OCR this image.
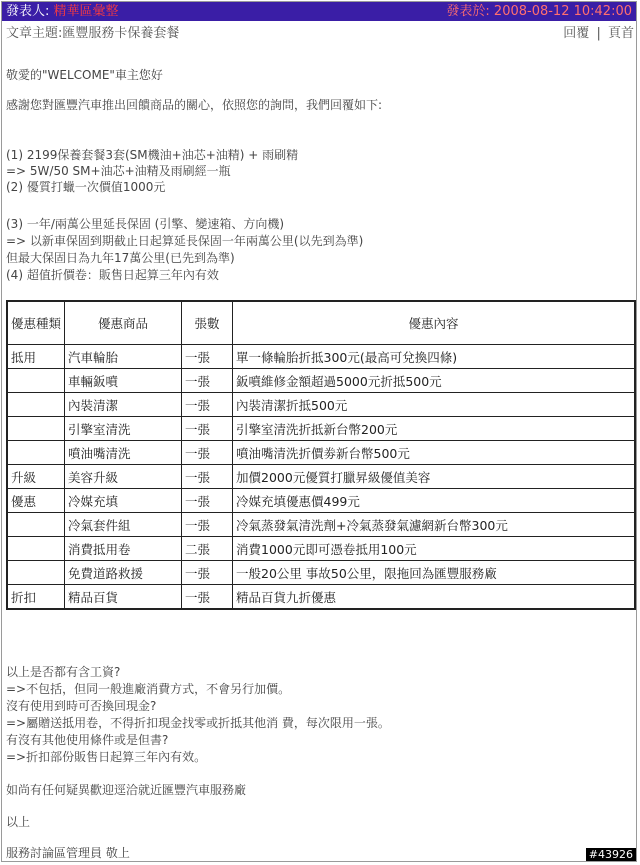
發表人: 精華區彙整	發表於: 2008-08-12 10:42:00
文章主題:匯豐服務卡保養套餐	回覆 | 頁首
敬愛的"WELCOME"車主您好
感謝您對匯豐汽車推出回饋商品的關心，依照您的詢問，我們回覆如下:
(1) 2199保養套餐3套(SM機油+油芯+油精) + 雨刷精
=> 5W/50 SM+油芯+油精及雨刷經一瓶
(2) 優質打蠟一次價值1000元
(3) 一年/兩萬公里延長保固 (引擎、變速箱、方向機)
=> 以新車保固到期截止日起算延長保固一年兩萬公里(以先到為準)
但最大保固日為九年17萬公里(已先到為準)
(4) 超值折價卷：販售日起算三年內有效
優惠種類	優惠商品	張數	優惠內容
抵用	汽車輪胎	一張	單一條輪胎折抵300元(最高可兌換四條)
	車輛鈑噴	一張	鈑噴維修金額超過5000元折抵500元
	內裝清潔	一張	內裝清潔折抵500元
	引擎室清洗	一張	引擎室清洗折抵新台幣200元
	噴油嘴清洗	一張	噴油嘴清洗折價劵新台幣500元
升級	美容升級	一張	加價2000元優質打臘昇級優值美容
優惠	冷媒充填	一張	冷媒充填優惠價499元
	冷氣套件組	一張	冷氣蒸發氣清洗劑+冷氣蒸發氣濾網新台幣300元
	消費抵用卷	二張	消費1000元即可憑卷抵用100元
	免費道路救援	一張	一般20公里 事故50公里，限拖回為匯豐服務廠
折扣	精品百貨	一張	精品百貨九折優惠
以上是否都有含工資?
=>不包括，但同一般進廠消費方式，不會另行加價。
沒有使用到時可否換回現金?
=>屬贈送抵用卷，不得折扣現金找零或折抵其他消 費，每次限用一張。
有沒有其他使用條件或是但書?
=>折扣部份販售日起算三年內有效。
如尚有任何疑異歡迎逕洽就近匯豐汽車服務廠
以上
服務討論區管理員 敬上	#43926
